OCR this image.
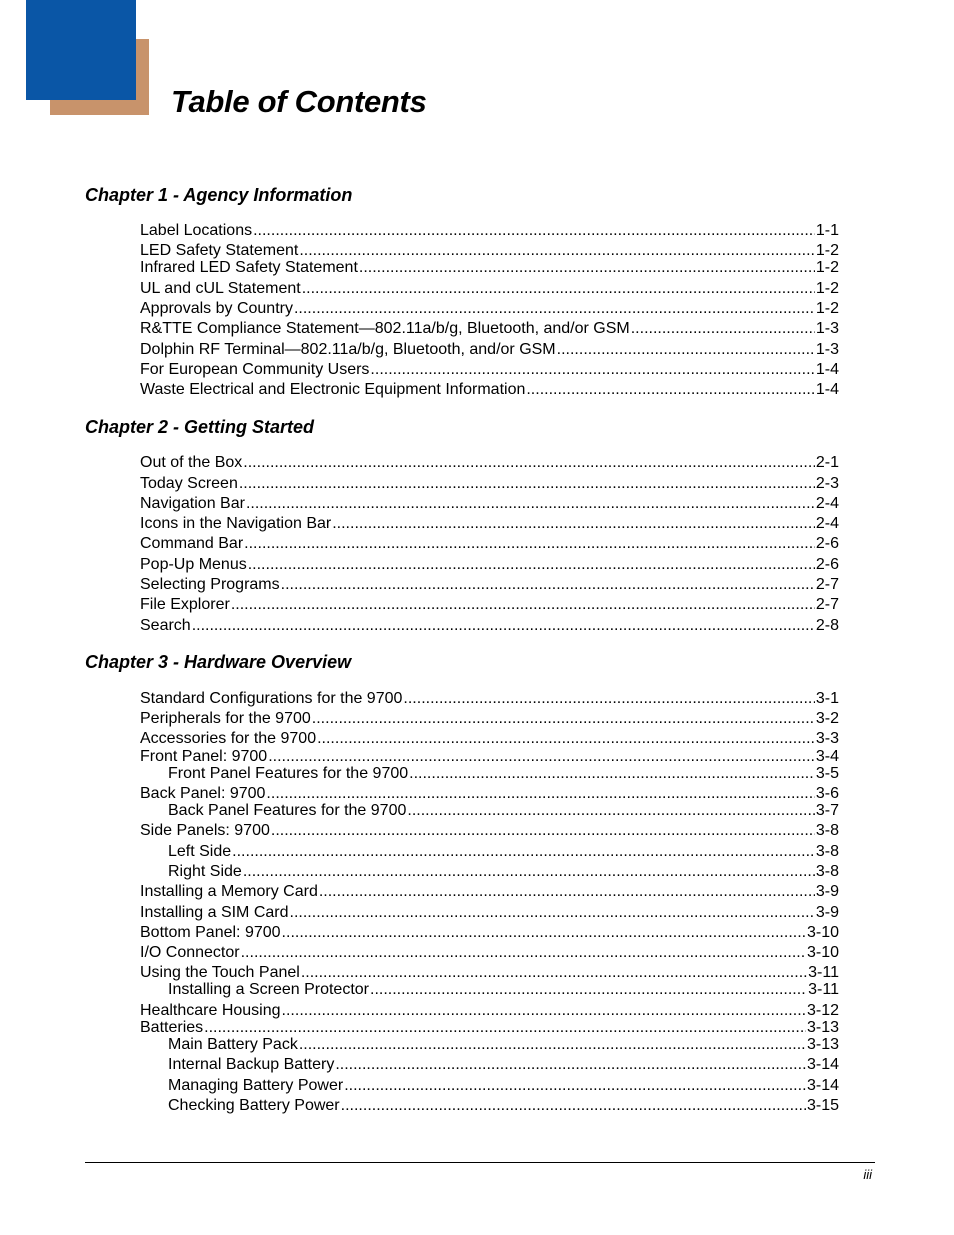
Table of Contents
Chapter 1 - Agency Information
Label Locations .....	1-1
LED Safety Statement .....	1-2
Infrared LED Safety Statement .....	1-2
UL and cUL Statement .....	1-2
Approvals by Country .....	1-2
R&TTE Compliance Statement—802.11a/b/g, Bluetooth, and/or GSM .....	1-3
Dolphin RF Terminal—802.11a/b/g, Bluetooth, and/or GSM .....	1-3
For European Community Users .....	1-4
Waste Electrical and Electronic Equipment Information .....	1-4
Chapter 2 - Getting Started
Out of the Box .....	2-1
Today Screen .....	2-3
Navigation Bar .....	2-4
Icons in the Navigation Bar .....	2-4
Command Bar .....	2-6
Pop-Up Menus .....	2-6
Selecting Programs .....	2-7
File Explorer .....	2-7
Search .....	2-8
Chapter 3 - Hardware Overview
Standard Configurations for the 9700 .....	3-1
Peripherals for the 9700 .....	3-2
Accessories for the 9700 .....	3-3
Front Panel: 9700 .....	3-4
Front Panel Features for the 9700 .....	3-5
Back Panel: 9700 .....	3-6
Back Panel Features for the 9700 .....	3-7
Side Panels: 9700 .....	3-8
Left Side .....	3-8
Right Side .....	3-8
Installing a Memory Card .....	3-9
Installing a SIM Card .....	3-9
Bottom Panel: 9700 .....	3-10
I/O Connector .....	3-10
Using the Touch Panel .....	3-11
Installing a Screen Protector .....	3-11
Healthcare Housing .....	3-12
Batteries .....	3-13
Main Battery Pack .....	3-13
Internal Backup Battery .....	3-14
Managing Battery Power .....	3-14
Checking Battery Power .....	3-15
iii
